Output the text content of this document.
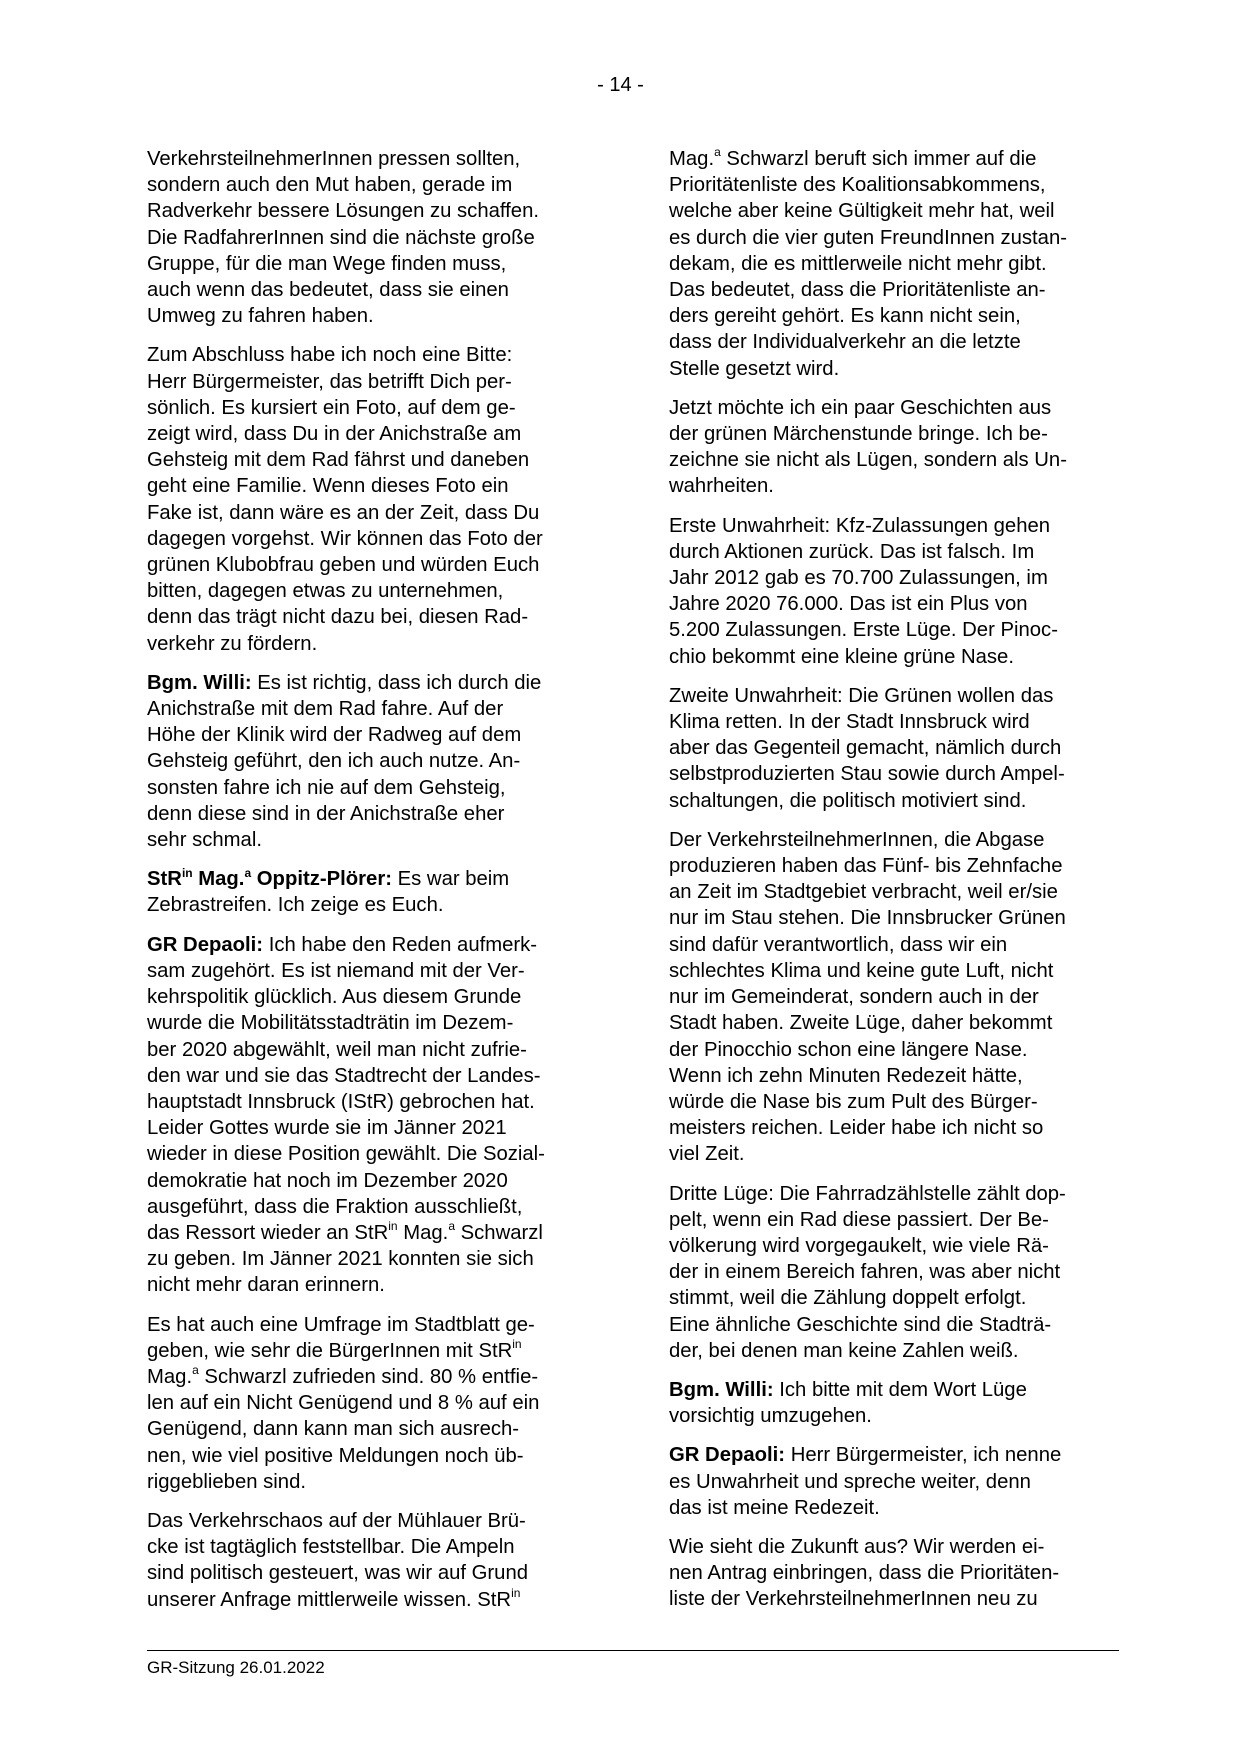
- 14 -

VerkehrsteilnehmerInnen pressen sollten,
sondern auch den Mut haben, gerade im
Radverkehr bessere Lösungen zu schaffen.
Die RadfahrerInnen sind die nächste große
Gruppe, für die man Wege finden muss,
auch wenn das bedeutet, dass sie einen
Umweg zu fahren haben.

Zum Abschluss habe ich noch eine Bitte:
Herr Bürgermeister, das betrifft Dich per-
sönlich. Es kursiert ein Foto, auf dem ge-
zeigt wird, dass Du in der Anichstraße am
Gehsteig mit dem Rad fährst und daneben
geht eine Familie. Wenn dieses Foto ein
Fake ist, dann wäre es an der Zeit, dass Du
dagegen vorgehst. Wir können das Foto der
grünen Klubobfrau geben und würden Euch
bitten, dagegen etwas zu unternehmen,
denn das trägt nicht dazu bei, diesen Rad-
verkehr zu fördern.

Bgm. Willi: Es ist richtig, dass ich durch die
Anichstraße mit dem Rad fahre. Auf der
Höhe der Klinik wird der Radweg auf dem
Gehsteig geführt, den ich auch nutze. An-
sonsten fahre ich nie auf dem Gehsteig,
denn diese sind in der Anichstraße eher
sehr schmal.

StR$^{in}$ Mag.$^a$ Oppitz-Plörer: Es war beim
Zebrastreifen. Ich zeige es Euch.

GR Depaoli: Ich habe den Reden aufmerk-
sam zugehört. Es ist niemand mit der Ver-
kehrspolitik glücklich. Aus diesem Grunde
wurde die Mobilitätsstadträtin im Dezem-
ber 2020 abgewählt, weil man nicht zufrie-
den war und sie das Stadtrecht der Landes-
hauptstadt Innsbruck (IStR) gebrochen hat.
Leider Gottes wurde sie im Jänner 2021
wieder in diese Position gewählt. Die Sozial-
demokratie hat noch im Dezember 2020
ausgeführt, dass die Fraktion ausschließt,
das Ressort wieder an StR$^{in}$ Mag.$^a$ Schwarzl
zu geben. Im Jänner 2021 konnten sie sich
nicht mehr daran erinnern.

Es hat auch eine Umfrage im Stadtblatt ge-
geben, wie sehr die BürgerInnen mit StR$^{in}$
Mag.$^a$ Schwarzl zufrieden sind. 80 % entfie-
len auf ein Nicht Genügend und 8 % auf ein
Genügend, dann kann man sich ausrech-
nen, wie viel positive Meldungen noch üb-
riggeblieben sind.

Das Verkehrschaos auf der Mühlauer Brü-
cke ist tagtäglich feststellbar. Die Ampeln
sind politisch gesteuert, was wir auf Grund
unserer Anfrage mittlerweile wissen. StR$^{in}$

Mag.$^a$ Schwarzl beruft sich immer auf die
Prioritätenliste des Koalitionsabkommens,
welche aber keine Gültigkeit mehr hat, weil
es durch die vier guten FreundInnen zustan-
dekam, die es mittlerweile nicht mehr gibt.
Das bedeutet, dass die Prioritätenliste an-
ders gereiht gehört. Es kann nicht sein,
dass der Individualverkehr an die letzte
Stelle gesetzt wird.

Jetzt möchte ich ein paar Geschichten aus
der grünen Märchenstunde bringe. Ich be-
zeichne sie nicht als Lügen, sondern als Un-
wahrheiten.

Erste Unwahrheit: Kfz-Zulassungen gehen
durch Aktionen zurück. Das ist falsch. Im
Jahr 2012 gab es 70.700 Zulassungen, im
Jahre 2020 76.000. Das ist ein Plus von
5.200 Zulassungen. Erste Lüge. Der Pinoc-
chio bekommt eine kleine grüne Nase.

Zweite Unwahrheit: Die Grünen wollen das
Klima retten. In der Stadt Innsbruck wird
aber das Gegenteil gemacht, nämlich durch
selbstproduzierten Stau sowie durch Ampel-
schaltungen, die politisch motiviert sind.

Der VerkehrsteilnehmerInnen, die Abgase
produzieren haben das Fünf- bis Zehnfache
an Zeit im Stadtgebiet verbracht, weil er/sie
nur im Stau stehen. Die Innsbrucker Grünen
sind dafür verantwortlich, dass wir ein
schlechtes Klima und keine gute Luft, nicht
nur im Gemeinderat, sondern auch in der
Stadt haben. Zweite Lüge, daher bekommt
der Pinocchio schon eine längere Nase.
Wenn ich zehn Minuten Redezeit hätte,
würde die Nase bis zum Pult des Bürger-
meisters reichen. Leider habe ich nicht so
viel Zeit.

Dritte Lüge: Die Fahrradzählstelle zählt dop-
pelt, wenn ein Rad diese passiert. Der Be-
völkerung wird vorgegaukelt, wie viele Rä-
der in einem Bereich fahren, was aber nicht
stimmt, weil die Zählung doppelt erfolgt.
Eine ähnliche Geschichte sind die Stadträ-
der, bei denen man keine Zahlen weiß.

Bgm. Willi: Ich bitte mit dem Wort Lüge
vorsichtig umzugehen.

GR Depaoli: Herr Bürgermeister, ich nenne
es Unwahrheit und spreche weiter, denn
das ist meine Redezeit.

Wie sieht die Zukunft aus? Wir werden ei-
nen Antrag einbringen, dass die Prioritäten-
liste der VerkehrsteilnehmerInnen neu zu

GR-Sitzung 26.01.2022
